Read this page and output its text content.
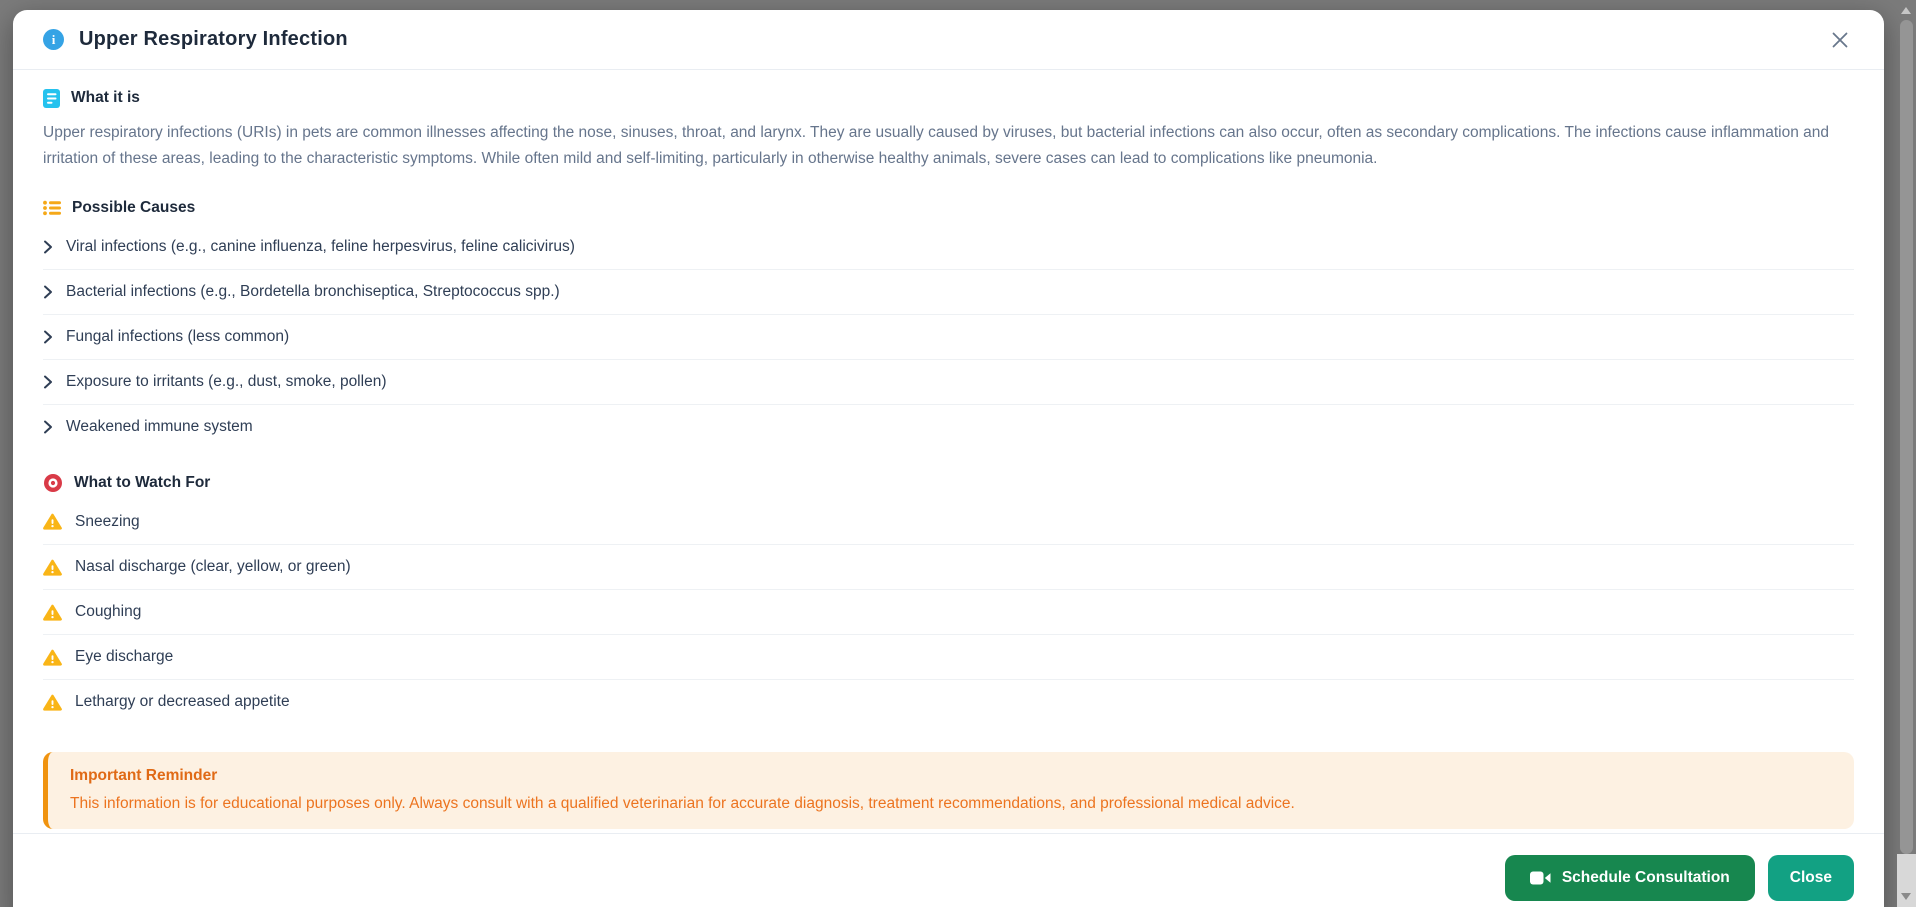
i	Upper Respiratory Infection
What it is

Upper respiratory infections (URIs) in pets are common illnesses affecting the nose, sinuses, throat, and larynx. They are usually caused by viruses, but bacterial infections can also occur, often as secondary complications. The infections cause inflammation and irritation of these areas, leading to the characteristic symptoms. While often mild and self-limiting, particularly in otherwise healthy animals, severe cases can lead to complications like pneumonia.

Possible Causes
Viral infections (e.g., canine influenza, feline herpesvirus, feline calicivirus)
Bacterial infections (e.g., Bordetella bronchiseptica, Streptococcus spp.)
Fungal infections (less common)
Exposure to irritants (e.g., dust, smoke, pollen)
Weakened immune system
What to Watch For
Sneezing
Nasal discharge (clear, yellow, or green)
Coughing
Eye discharge
Lethargy or decreased appetite
Important Reminder
This information is for educational purposes only. Always consult with a qualified veterinarian for accurate diagnosis, treatment recommendations, and professional medical advice.
Schedule Consultation	Close
